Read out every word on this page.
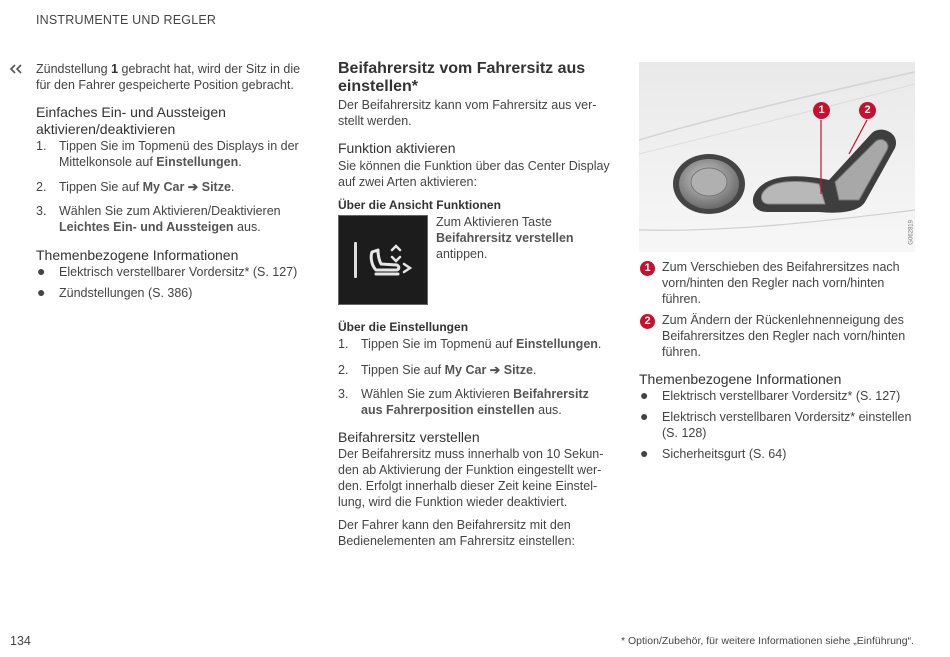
INSTRUMENTE UND REGLER
Zündstellung 1 gebracht hat, wird der Sitz in die
für den Fahrer gespeicherte Position gebracht.
Einfaches Ein- und Aussteigen
aktivieren/deaktivieren
1. Tippen Sie im Topmenü des Displays in der
Mittelkonsole auf Einstellungen.
2. Tippen Sie auf My Car ➔ Sitze.
3. Wählen Sie zum Aktivieren/Deaktivieren
Leichtes Ein- und Aussteigen aus.
Themenbezogene Informationen
● Elektrisch verstellbarer Vordersitz* (S. 127)
● Zündstellungen (S. 386)
Beifahrersitz vom Fahrersitz aus
einstellen*
Der Beifahrersitz kann vom Fahrersitz aus ver-
stellt werden.
Funktion aktivieren
Sie können die Funktion über das Center Display
auf zwei Arten aktivieren:
Über die Ansicht Funktionen
Zum Aktivieren Taste
Beifahrersitz verstellen
antippen.
Über die Einstellungen
1. Tippen Sie im Topmenü auf Einstellungen.
2. Tippen Sie auf My Car ➔ Sitze.
3. Wählen Sie zum Aktivieren Beifahrersitz
aus Fahrerposition einstellen aus.
Beifahrersitz verstellen
Der Beifahrersitz muss innerhalb von 10 Sekun-
den ab Aktivierung der Funktion eingestellt wer-
den. Erfolgt innerhalb dieser Zeit keine Einstel-
lung, wird die Funktion wieder deaktiviert.
Der Fahrer kann den Beifahrersitz mit den
Bedienelementen am Fahrersitz einstellen:
1	2
G062819
1 Zum Verschieben des Beifahrersitzes nach
vorn/hinten den Regler nach vorn/hinten
führen.
2 Zum Ändern der Rückenlehnenneigung des
Beifahrersitzes den Regler nach vorn/hinten
führen.
Themenbezogene Informationen
● Elektrisch verstellbarer Vordersitz* (S. 127)
● Elektrisch verstellbaren Vordersitz* einstellen
(S. 128)
● Sicherheitsgurt (S. 64)
134	* Option/Zubehör, für weitere Informationen siehe „Einführung“.
